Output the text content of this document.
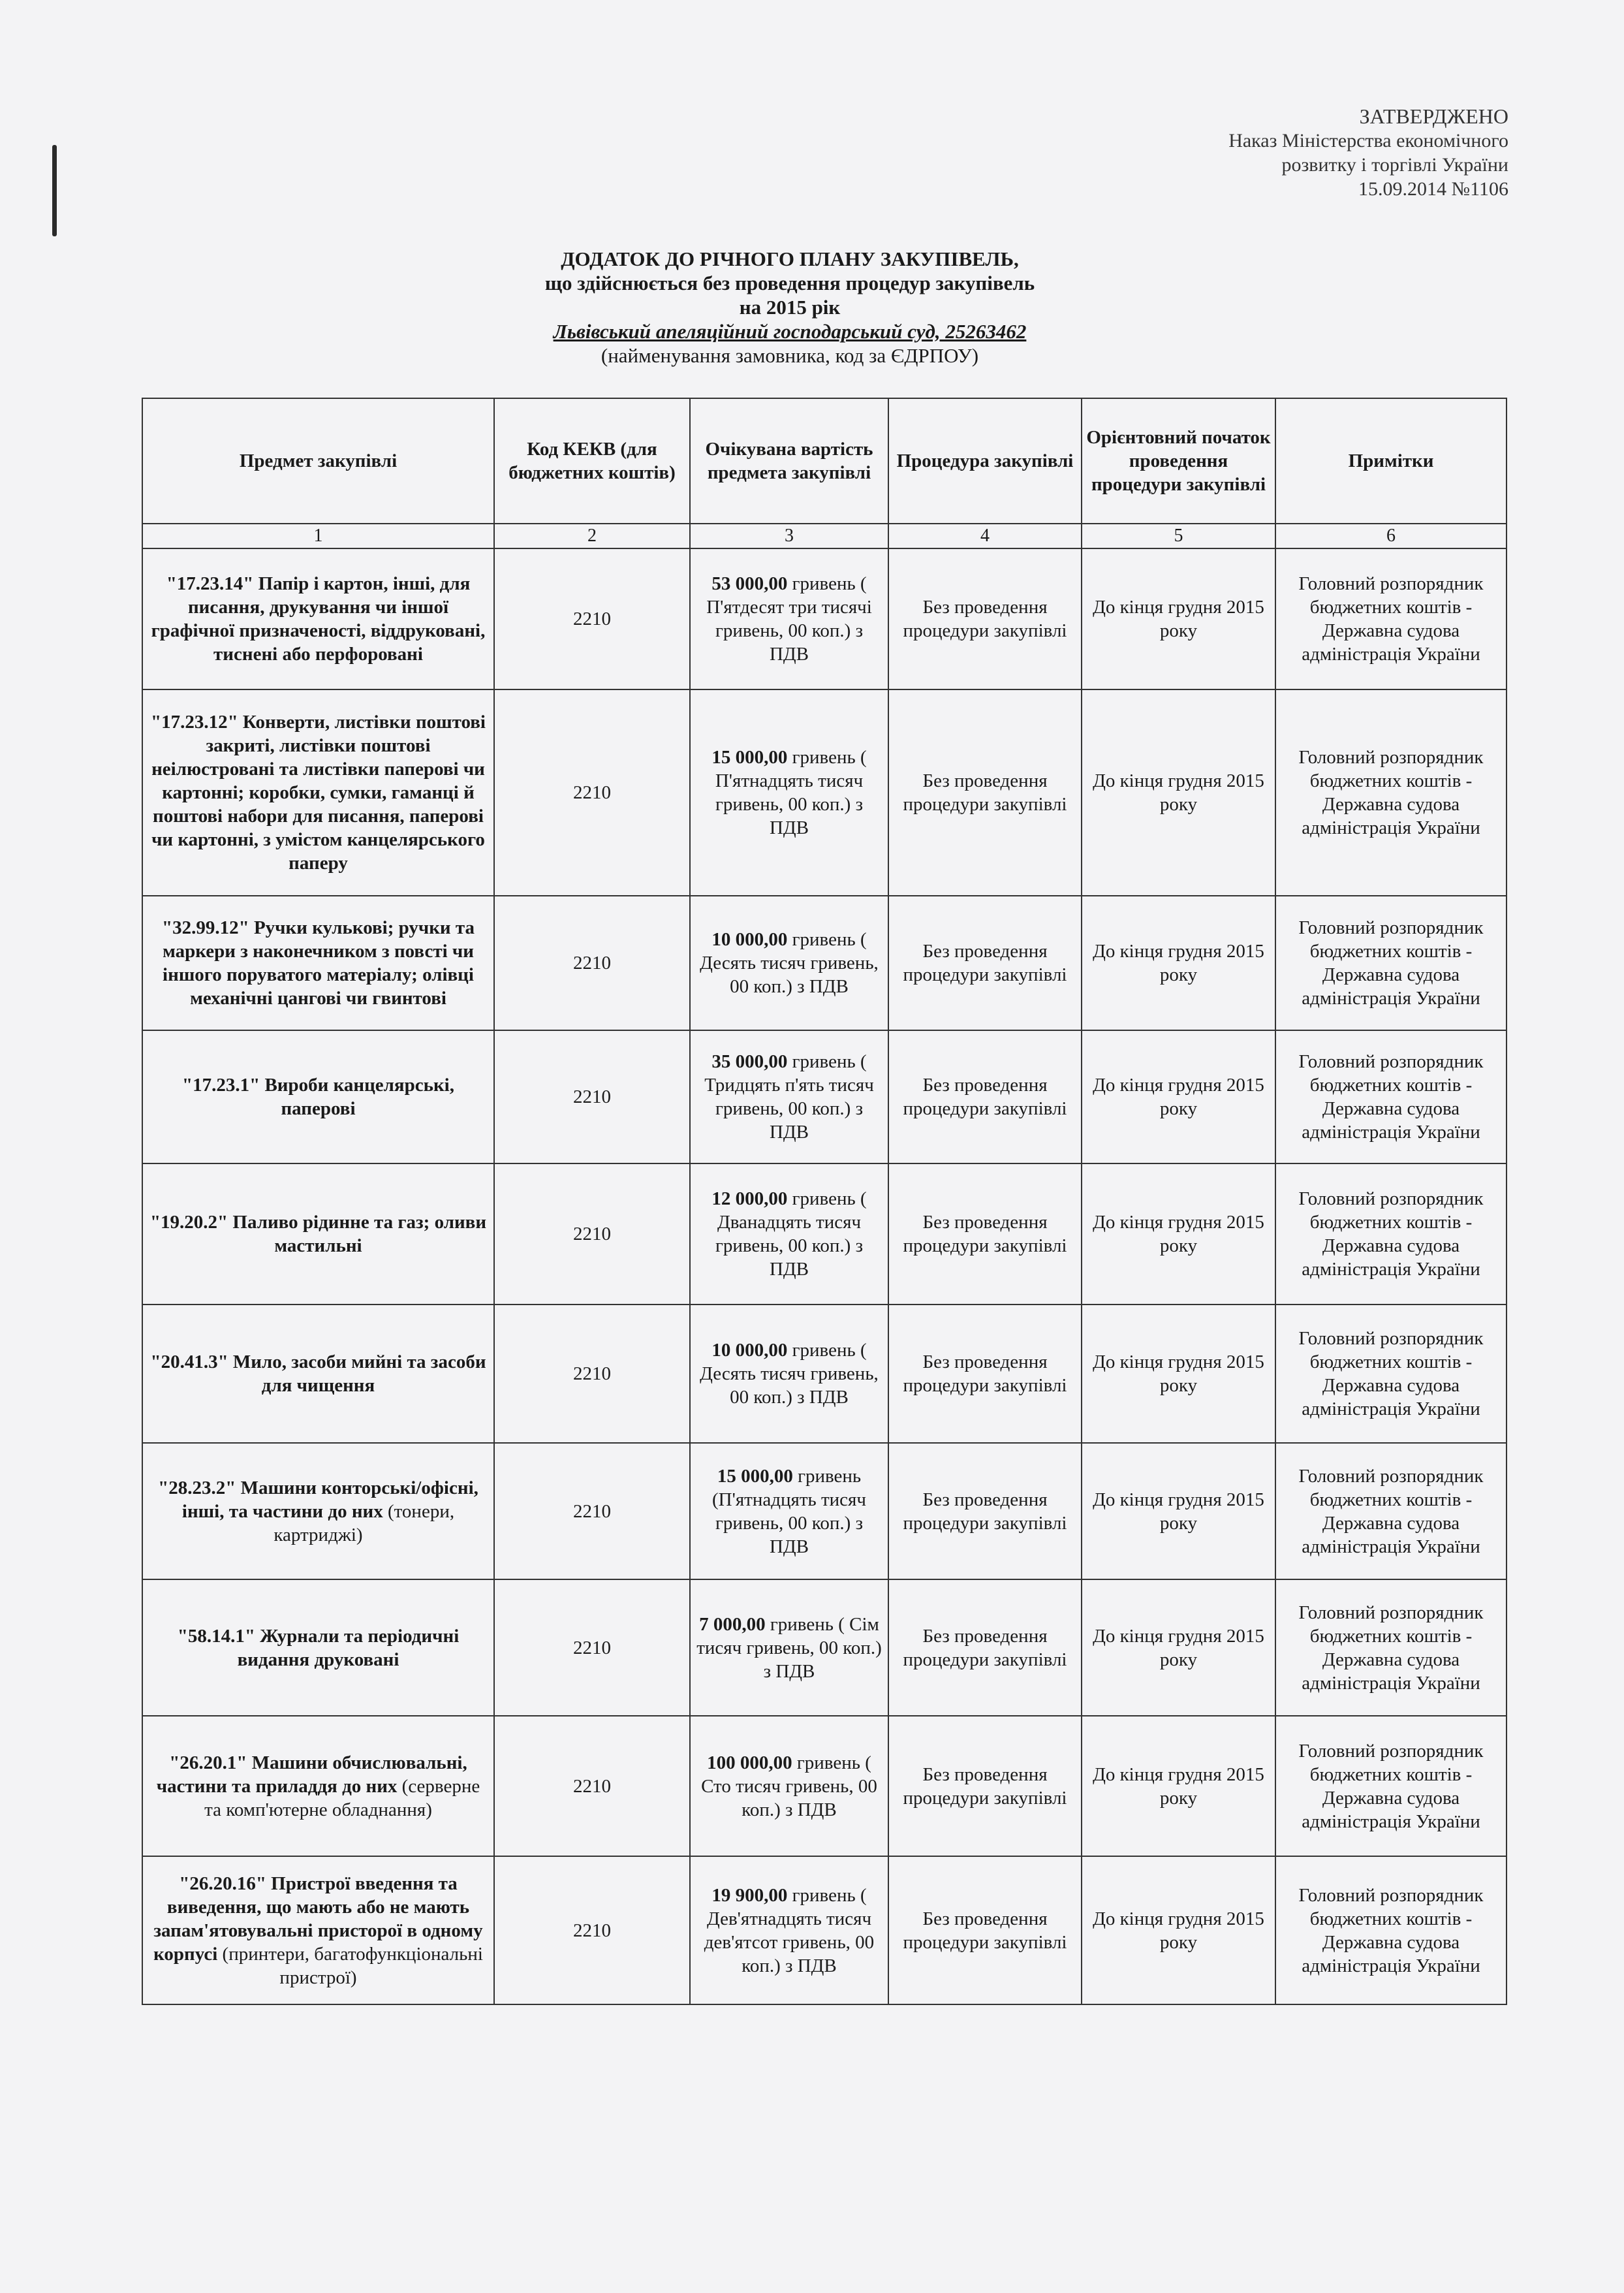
ЗАТВЕРДЖЕНО
Наказ Міністерства економічного
розвитку і торгівлі України
15.09.2014 №1106
ДОДАТОК ДО РІЧНОГО ПЛАНУ ЗАКУПІВЕЛЬ,
що здійснюється без проведення процедур закупівель
на 2015 рік
Львівський апеляційний господарський суд, 25263462
(найменування замовника, код за ЄДРПОУ)
Предмет закупівлі	Код КЕКВ (для бюджетних коштів)	Очікувана вартість предмета закупівлі	Процедура закупівлі	Орієнтовний початок проведення процедури закупівлі	Примітки
1	2	3	4	5	6
"17.23.14" Папір і картон, інші, для писання, друкування чи іншої графічної призначеності, віддруковані, тиснені або перфоровані	2210	53 000,00 гривень ( П'ятдесят три тисячі гривень, 00 коп.) з ПДВ	Без проведення процедури закупівлі	До кінця грудня 2015 року	Головний розпорядник бюджетних коштів - Державна судова адміністрація України
"17.23.12" Конверти, листівки поштові закриті, листівки поштові неілюстровані та листівки паперові чи картонні; коробки, сумки, гаманці й поштові набори для писання, паперові чи картонні, з умістом канцелярського паперу	2210	15 000,00 гривень ( П'ятнадцять тисяч гривень, 00 коп.) з ПДВ	Без проведення процедури закупівлі	До кінця грудня 2015 року	Головний розпорядник бюджетних коштів - Державна судова адміністрація України
"32.99.12" Ручки кулькові; ручки та маркери з наконечником з повсті чи іншого поруватого матеріалу; олівці механічні цангові чи гвинтові	2210	10 000,00 гривень ( Десять тисяч гривень, 00 коп.) з ПДВ	Без проведення процедури закупівлі	До кінця грудня 2015 року	Головний розпорядник бюджетних коштів - Державна судова адміністрація України
"17.23.1" Вироби канцелярські, паперові	2210	35 000,00 гривень ( Тридцять п'ять тисяч гривень, 00 коп.) з ПДВ	Без проведення процедури закупівлі	До кінця грудня 2015 року	Головний розпорядник бюджетних коштів - Державна судова адміністрація України
"19.20.2" Паливо рідинне та газ; оливи мастильні	2210	12 000,00 гривень ( Дванадцять тисяч гривень, 00 коп.) з ПДВ	Без проведення процедури закупівлі	До кінця грудня 2015 року	Головний розпорядник бюджетних коштів - Державна судова адміністрація України
"20.41.3" Мило, засоби мийні та засоби для чищення	2210	10 000,00 гривень ( Десять тисяч гривень, 00 коп.) з ПДВ	Без проведення процедури закупівлі	До кінця грудня 2015 року	Головний розпорядник бюджетних коштів - Державна судова адміністрація України
"28.23.2" Машини конторські/офісні, інші, та частини до них (тонери, картриджі)	2210	15 000,00 гривень (П'ятнадцять тисяч гривень, 00 коп.) з ПДВ	Без проведення процедури закупівлі	До кінця грудня 2015 року	Головний розпорядник бюджетних коштів - Державна судова адміністрація України
"58.14.1" Журнали та періодичні видання друковані	2210	7 000,00 гривень ( Сім тисяч гривень, 00 коп.) з ПДВ	Без проведення процедури закупівлі	До кінця грудня 2015 року	Головний розпорядник бюджетних коштів - Державна судова адміністрація України
"26.20.1" Машини обчислювальні, частини та приладдя до них (серверне та комп'ютерне обладнання)	2210	100 000,00 гривень ( Сто тисяч гривень, 00 коп.) з ПДВ	Без проведення процедури закупівлі	До кінця грудня 2015 року	Головний розпорядник бюджетних коштів - Державна судова адміністрація України
"26.20.16" Пристрої введення та виведення, що мають або не мають запам'ятовувальні присторої в одному корпусі (принтери, багатофункціональні пристрої)	2210	19 900,00 гривень ( Дев'ятнадцять тисяч дев'ятсот гривень, 00 коп.) з ПДВ	Без проведення процедури закупівлі	До кінця грудня 2015 року	Головний розпорядник бюджетних коштів - Державна судова адміністрація України
